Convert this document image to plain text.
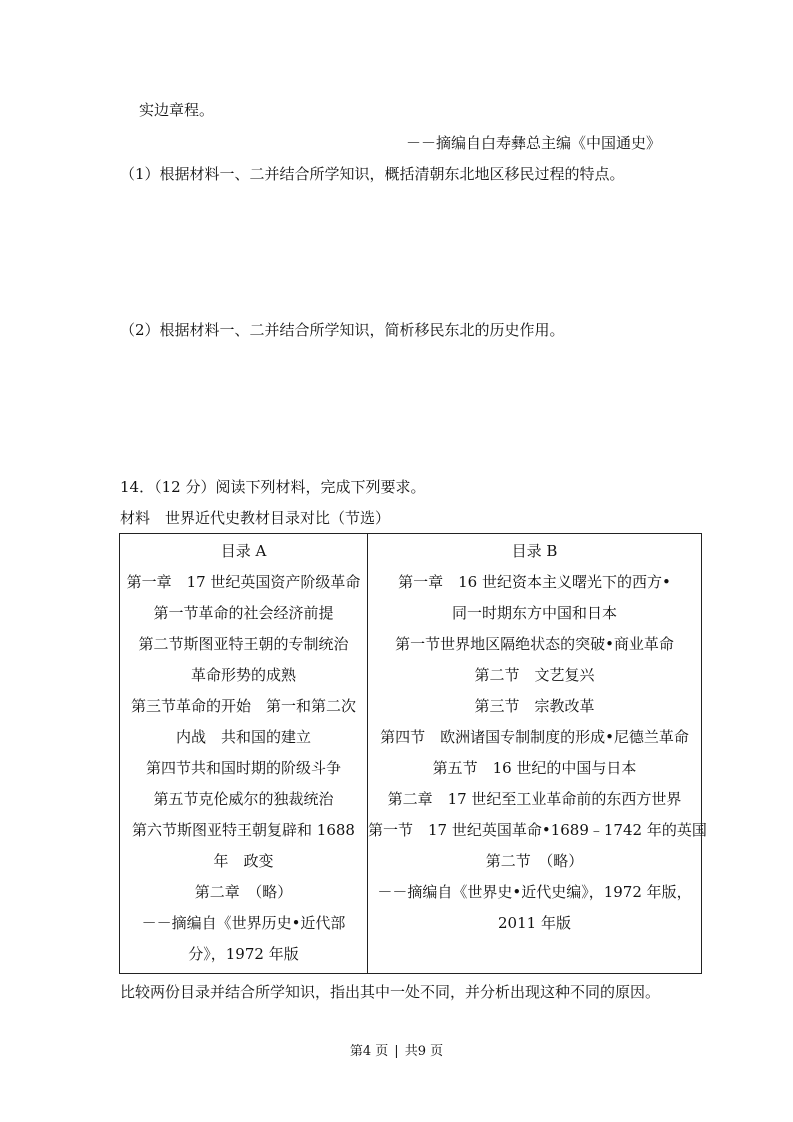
实边章程。
－－摘编自白寿彝总主编《中国通史》
（1）根据材料一、二并结合所学知识，概括清朝东北地区移民过程的特点。
（2）根据材料一、二并结合所学知识，简析移民东北的历史作用。
14．（12 分）阅读下列材料，完成下列要求。
材料　世界近代史教材目录对比（节选）
目录 A
第一章　17 世纪英国资产阶级革命
第一节革命的社会经济前提
第二节斯图亚特王朝的专制统治
革命形势的成熟
第三节革命的开始　第一和第二次
内战　共和国的建立
第四节共和国时期的阶级斗争
第五节克伦威尔的独裁统治
第六节斯图亚特王朝复辟和 1688
年　政变
第二章　（略）
－－摘编自《世界历史•近代部
分》，1972 年版

目录 B
第一章　16 世纪资本主义曙光下的西方•
同一时期东方中国和日本
第一节世界地区隔绝状态的突破•商业革命
第二节　文艺复兴
第三节　宗教改革
第四节　欧洲诸国专制制度的形成•尼德兰革命
第五节　16 世纪的中国与日本
第二章　17 世纪至工业革命前的东西方世界
第一节　17 世纪英国革命•1689﹣1742 年的英国
第二节　（略）
－－摘编自《世界史•近代史编》，1972 年版，
2011 年版
比较两份目录并结合所学知识，指出其中一处不同，并分析出现这种不同的原因。
第4 页 | 共9 页
